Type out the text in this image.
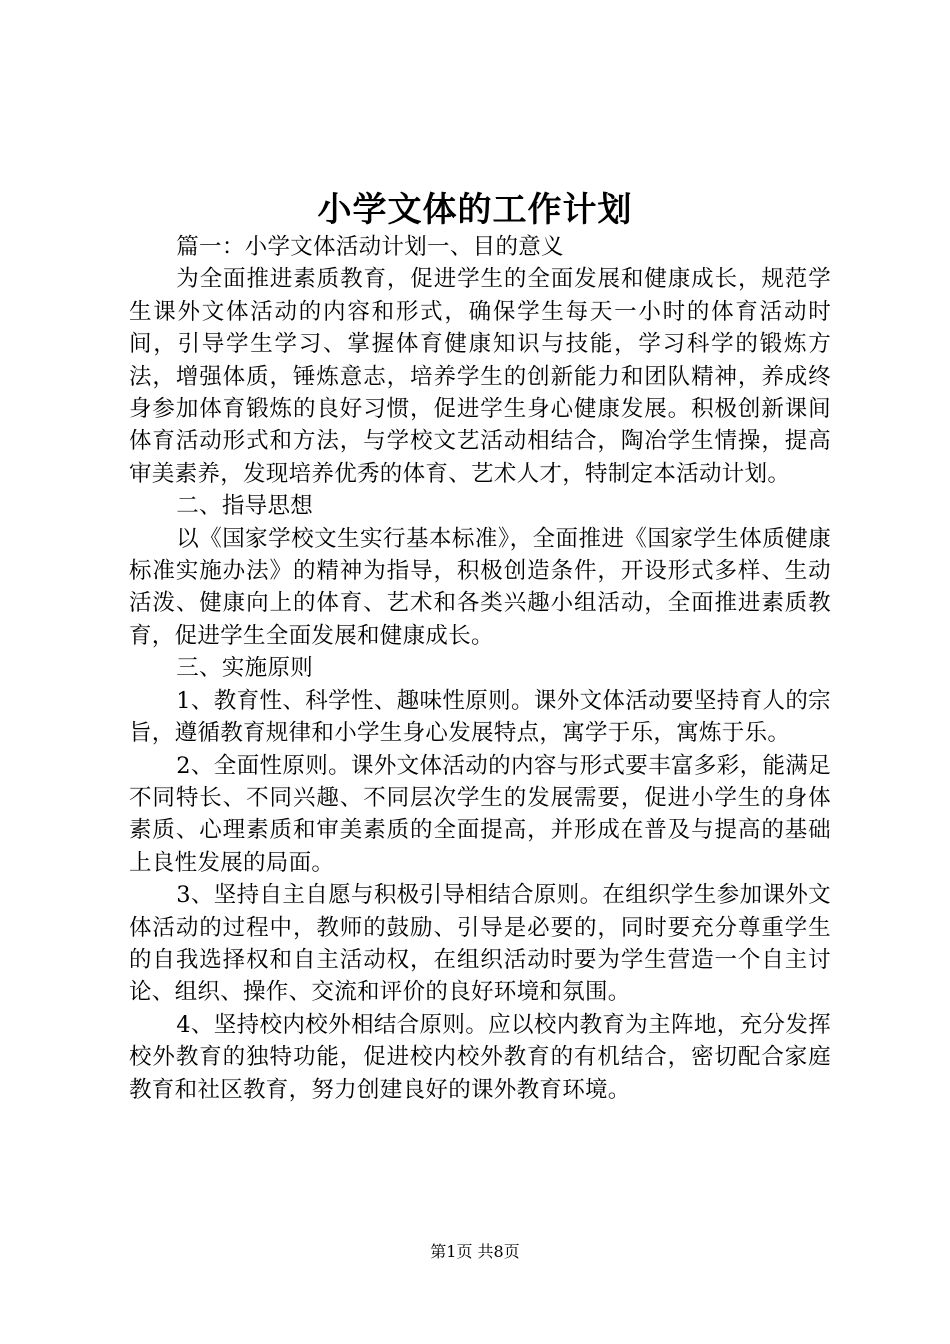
小学文体的工作计划

篇一：小学文体活动计划一、目的意义

为全面推进素质教育，促进学生的全面发展和健康成长，规范学生课外文体活动的内容和形式，确保学生每天一小时的体育活动时间，引导学生学习、掌握体育健康知识与技能，学习科学的锻炼方法，增强体质，锤炼意志，培养学生的创新能力和团队精神，养成终身参加体育锻炼的良好习惯，促进学生身心健康发展。积极创新课间体育活动形式和方法，与学校文艺活动相结合，陶冶学生情操，提高审美素养，发现培养优秀的体育、艺术人才，特制定本活动计划。

二、指导思想

以《国家学校文生实行基本标准》，全面推进《国家学生体质健康标准实施办法》的精神为指导，积极创造条件，开设形式多样、生动活泼、健康向上的体育、艺术和各类兴趣小组活动，全面推进素质教育，促进学生全面发展和健康成长。

三、实施原则

1、教育性、科学性、趣味性原则。课外文体活动要坚持育人的宗旨，遵循教育规律和小学生身心发展特点，寓学于乐，寓炼于乐。

2、全面性原则。课外文体活动的内容与形式要丰富多彩，能满足不同特长、不同兴趣、不同层次学生的发展需要，促进小学生的身体素质、心理素质和审美素质的全面提高，并形成在普及与提高的基础上良性发展的局面。

3、坚持自主自愿与积极引导相结合原则。在组织学生参加课外文体活动的过程中，教师的鼓励、引导是必要的，同时要充分尊重学生的自我选择权和自主活动权，在组织活动时要为学生营造一个自主讨论、组织、操作、交流和评价的良好环境和氛围。

4、坚持校内校外相结合原则。应以校内教育为主阵地，充分发挥校外教育的独特功能，促进校内校外教育的有机结合，密切配合家庭教育和社区教育，努力创建良好的课外教育环境。

第1页 共8页
